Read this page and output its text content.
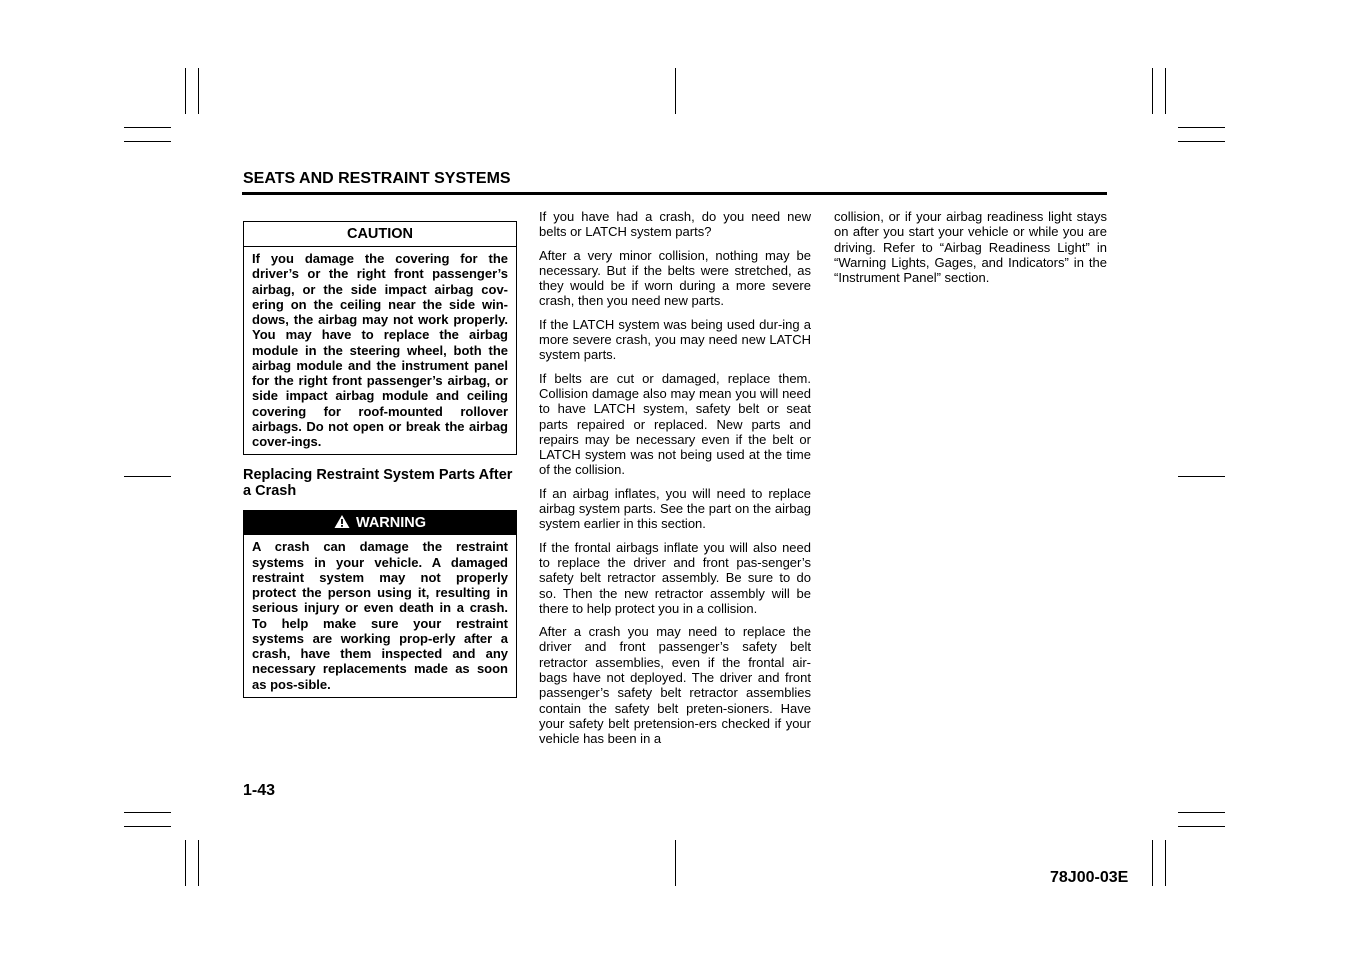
SEATS AND RESTRAINT SYSTEMS
CAUTION
If you damage the covering for the driver’s or the right front passenger’s airbag, or the side impact airbag cov-ering on the ceiling near the side win-dows, the airbag may not work properly. You may have to replace the airbag module in the steering wheel, both the airbag module and the instrument panel for the right front passenger’s airbag, or side impact airbag module and ceiling covering for roof-mounted rollover airbags. Do not open or break the airbag cover-ings.
Replacing Restraint System Parts After a Crash
WARNING
A crash can damage the restraint systems in your vehicle. A damaged restraint system may not properly protect the person using it, resulting in serious injury or even death in a crash. To help make sure your restraint systems are working prop-erly after a crash, have them inspected and any necessary replacements made as soon as pos-sible.

If you have had a crash, do you need new belts or LATCH system parts?

After a very minor collision, nothing may be necessary. But if the belts were stretched, as they would be if worn during a more severe crash, then you need new parts.

If the LATCH system was being used dur-ing a more severe crash, you may need new LATCH system parts.

If belts are cut or damaged, replace them. Collision damage also may mean you will need to have LATCH system, safety belt or seat parts repaired or replaced. New parts and repairs may be necessary even if the belt or LATCH system was not being used at the time of the collision.

If an airbag inflates, you will need to replace airbag system parts. See the part on the airbag system earlier in this section.

If the frontal airbags inflate you will also need to replace the driver and front pas-senger’s safety belt retractor assembly. Be sure to do so. Then the new retractor assembly will be there to help protect you in a collision.

After a crash you may need to replace the driver and front passenger’s safety belt retractor assemblies, even if the frontal air-bags have not deployed. The driver and front passenger’s safety belt retractor assemblies contain the safety belt preten-sioners. Have your safety belt pretension-ers checked if your vehicle has been in a

collision, or if your airbag readiness light stays on after you start your vehicle or while you are driving. Refer to “Airbag Readiness Light” in “Warning Lights, Gages, and Indicators” in the “Instrument Panel” section.

1-43
78J00-03E
